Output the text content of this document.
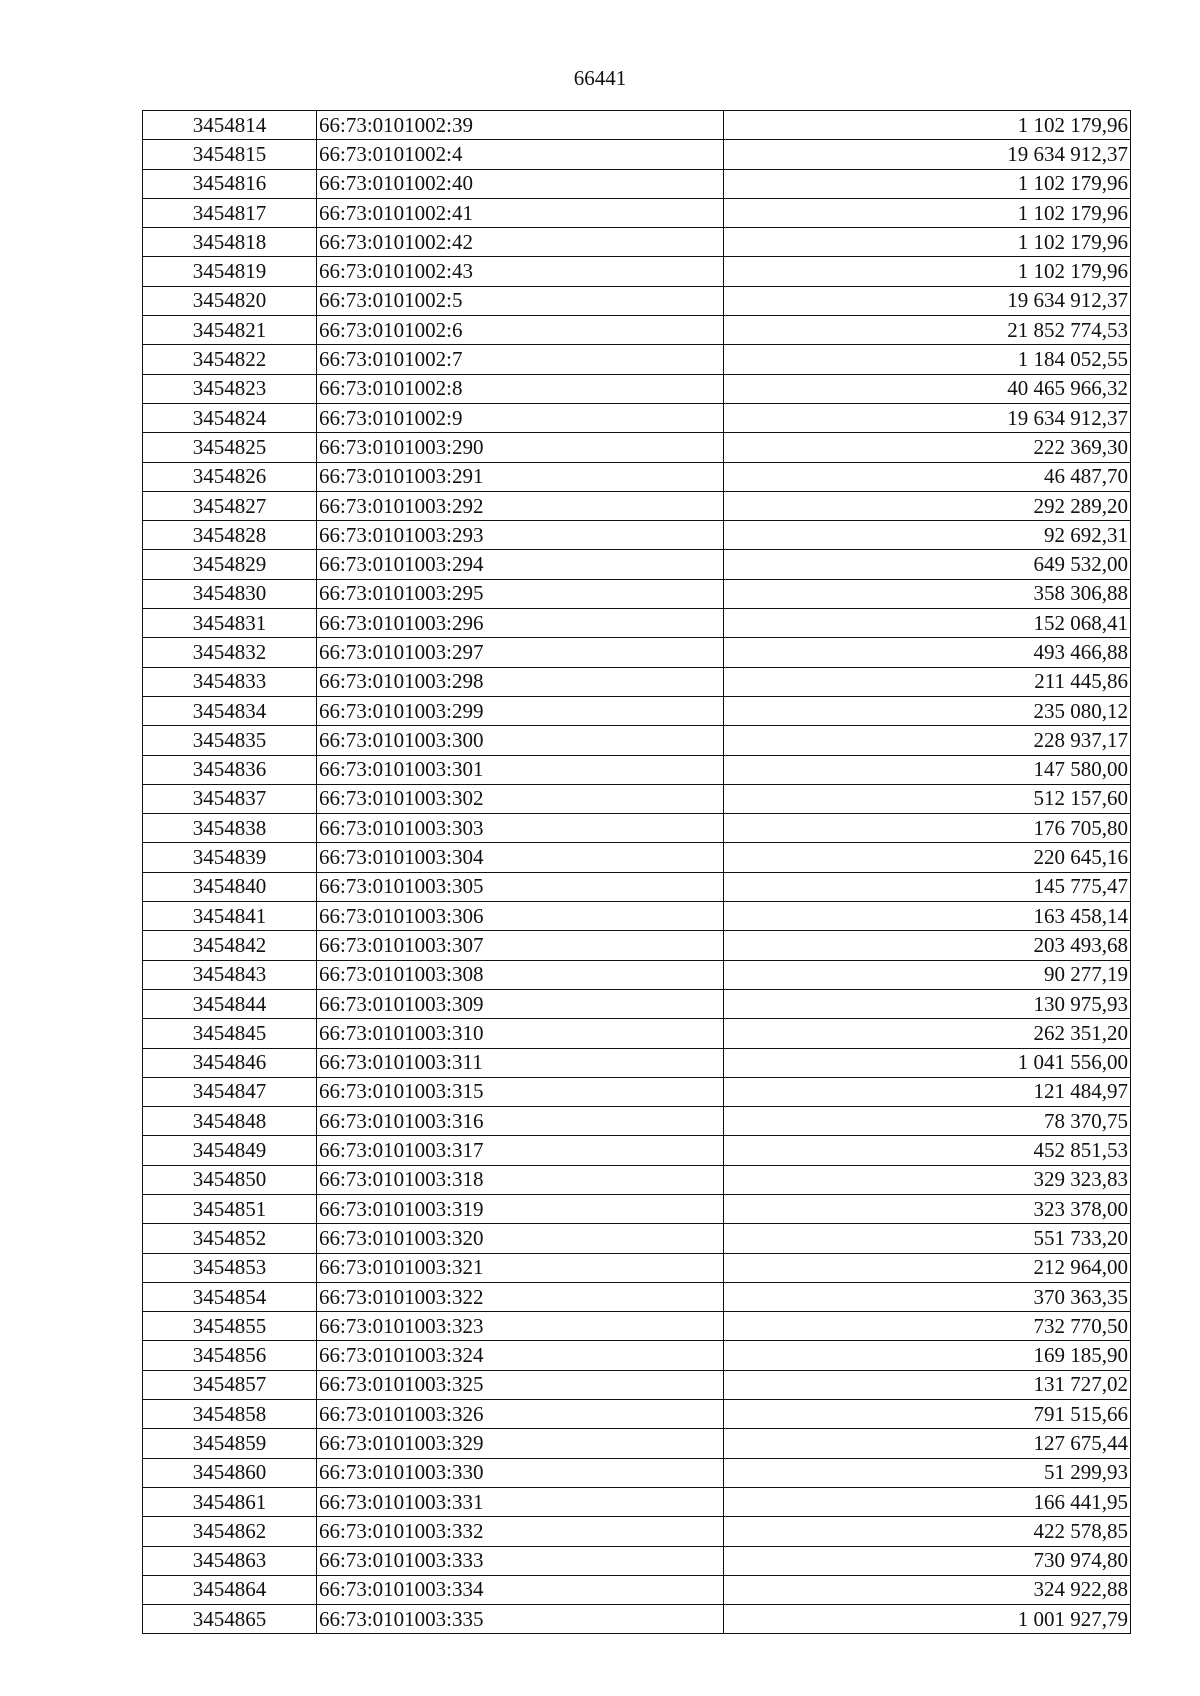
66441
3454814	66:73:0101002:39	1 102 179,96
3454815	66:73:0101002:4	19 634 912,37
3454816	66:73:0101002:40	1 102 179,96
3454817	66:73:0101002:41	1 102 179,96
3454818	66:73:0101002:42	1 102 179,96
3454819	66:73:0101002:43	1 102 179,96
3454820	66:73:0101002:5	19 634 912,37
3454821	66:73:0101002:6	21 852 774,53
3454822	66:73:0101002:7	1 184 052,55
3454823	66:73:0101002:8	40 465 966,32
3454824	66:73:0101002:9	19 634 912,37
3454825	66:73:0101003:290	222 369,30
3454826	66:73:0101003:291	46 487,70
3454827	66:73:0101003:292	292 289,20
3454828	66:73:0101003:293	92 692,31
3454829	66:73:0101003:294	649 532,00
3454830	66:73:0101003:295	358 306,88
3454831	66:73:0101003:296	152 068,41
3454832	66:73:0101003:297	493 466,88
3454833	66:73:0101003:298	211 445,86
3454834	66:73:0101003:299	235 080,12
3454835	66:73:0101003:300	228 937,17
3454836	66:73:0101003:301	147 580,00
3454837	66:73:0101003:302	512 157,60
3454838	66:73:0101003:303	176 705,80
3454839	66:73:0101003:304	220 645,16
3454840	66:73:0101003:305	145 775,47
3454841	66:73:0101003:306	163 458,14
3454842	66:73:0101003:307	203 493,68
3454843	66:73:0101003:308	90 277,19
3454844	66:73:0101003:309	130 975,93
3454845	66:73:0101003:310	262 351,20
3454846	66:73:0101003:311	1 041 556,00
3454847	66:73:0101003:315	121 484,97
3454848	66:73:0101003:316	78 370,75
3454849	66:73:0101003:317	452 851,53
3454850	66:73:0101003:318	329 323,83
3454851	66:73:0101003:319	323 378,00
3454852	66:73:0101003:320	551 733,20
3454853	66:73:0101003:321	212 964,00
3454854	66:73:0101003:322	370 363,35
3454855	66:73:0101003:323	732 770,50
3454856	66:73:0101003:324	169 185,90
3454857	66:73:0101003:325	131 727,02
3454858	66:73:0101003:326	791 515,66
3454859	66:73:0101003:329	127 675,44
3454860	66:73:0101003:330	51 299,93
3454861	66:73:0101003:331	166 441,95
3454862	66:73:0101003:332	422 578,85
3454863	66:73:0101003:333	730 974,80
3454864	66:73:0101003:334	324 922,88
3454865	66:73:0101003:335	1 001 927,79
